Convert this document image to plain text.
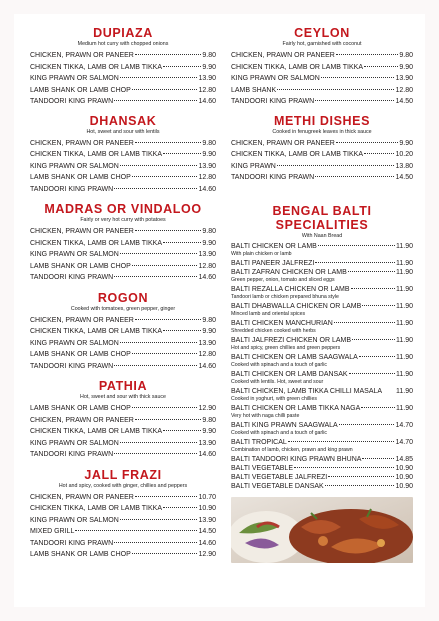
DUPIAZA
Medium hot curry with chopped onions
CHICKEN, PRAWN OR PANEER	9.80
CHICKEN TIKKA, LAMB OR LAMB TIKKA	9.90
KING PRAWN OR SALMON	13.90
LAMB SHANK OR LAMB CHOP	12.80
TANDOORI KING PRAWN	14.60
DHANSAK
Hot, sweet and sour with lentils
CHICKEN, PRAWN OR PANEER	9.80
CHICKEN TIKKA, LAMB OR LAMB TIKKA	9.90
KING PRAWN OR SALMON	13.90
LAMB SHANK OR LAMB CHOP	12.80
TANDOORI KING PRAWN	14.60
MADRAS OR VINDALOO
Fairly or very hot curry with potatoes
CHICKEN, PRAWN OR PANEER	9.80
CHICKEN TIKKA, LAMB OR LAMB TIKKA	9.90
KING PRAWN OR SALMON	13.90
LAMB SHANK OR LAMB CHOP	12.80
TANDOORI KING PRAWN	14.60
ROGON
Cooked with tomatoes, green pepper, ginger
CHICKEN, PRAWN OR PANEER	9.80
CHICKEN TIKKA, LAMB OR LAMB TIKKA	9.90
KING PRAWN OR SALMON	13.90
LAMB SHANK OR LAMB CHOP	12.80
TANDOORI KING PRAWN	14.60
PATHIA
Hot, sweet and sour with thick sauce
LAMB SHANK OR LAMB CHOP	12.90
CHICKEN, PRAWN OR PANEER	9.80
CHICKEN TIKKA, LAMB OR LAMB TIKKA	9.90
KING PRAWN OR SALMON	13.90
TANDOORI KING PRAWN	14.60
JALL FRAZI
Hot and spicy, cooked with ginger, chillies and peppers
CHICKEN, PRAWN OR PANEER	10.70
CHICKEN TIKKA, LAMB OR LAMB TIKKA	10.90
KING PRAWN OR SALMON	13.90
MIXED GRILL	14.50
TANDOORI KING PRAWN	14.60
LAMB SHANK OR LAMB CHOP	12.90
CEYLON
Fairly hot, garnished with coconut
CHICKEN, PRAWN OR PANEER	9.80
CHICKEN TIKKA, LAMB OR LAMB TIKKA	9.90
KING PRAWN OR SALMON	13.90
LAMB SHANK	12.80
TANDOORI KING PRAWN	14.50
METHI DISHES
Cooked in fenugreek leaves in thick sauce
CHICKEN, PRAWN OR PANEER	9.90
CHICKEN TIKKA, LAMB OR LAMB TIKKA	10.20
KING PRAWN	13.80
TANDOORI KING PRAWN	14.50
BENGAL BALTI
SPECIALITIES
With Naan Bread
BALTI CHICKEN OR LAMB	11.90
With plain chicken or lamb
BALTI PANEER JALFREZI	11.90
BALTI ZAFRAN CHICKEN OR LAMB	11.90
Green pepper, onion, tomato and sliced eggs
BALTI REZALLA CHICKEN OR LAMB	11.90
Tandoori lamb or chicken prepared bhuna style
BALTI DHABWALLA CHICKEN OR LAMB	11.90
Minced lamb and oriental spices
BALTI CHICKEN MANCHURIAN	11.90
Shredded chicken cooked with herbs
BALTI JALFREZI CHICKEN OR LAMB	11.90
Hot and spicy, green chillies and green peppers
BALTI CHICKEN OR LAMB SAAGWALA	11.90
Cooked with spinach and a touch of garlic
BALTI CHICKEN OR LAMB DANSAK	11.90
Cooked with lentils. Hot, sweet and sour
BALTI CHICKEN, LAMB TIKKA CHILLI MASALA 11.90
Cooked in yoghurt, with green chillies
BALTI CHICKEN OR LAMB TIKKA NAGA	11.90
Very hot with naga chilli paste
BALTI KING PRAWN SAAGWALA	14.70
Cooked with spinach and a touch of garlic
BALTI TROPICAL	14.70
Combination of lamb, chicken, prawn and king prawn
BALTI TANDOORI KING PRAWN BHUNA	14.85
BALTI VEGETABLE	10.90
BALTI VEGETABLE JALFREZI	10.90
BALTI VEGETABLE DANSAK	10.90
